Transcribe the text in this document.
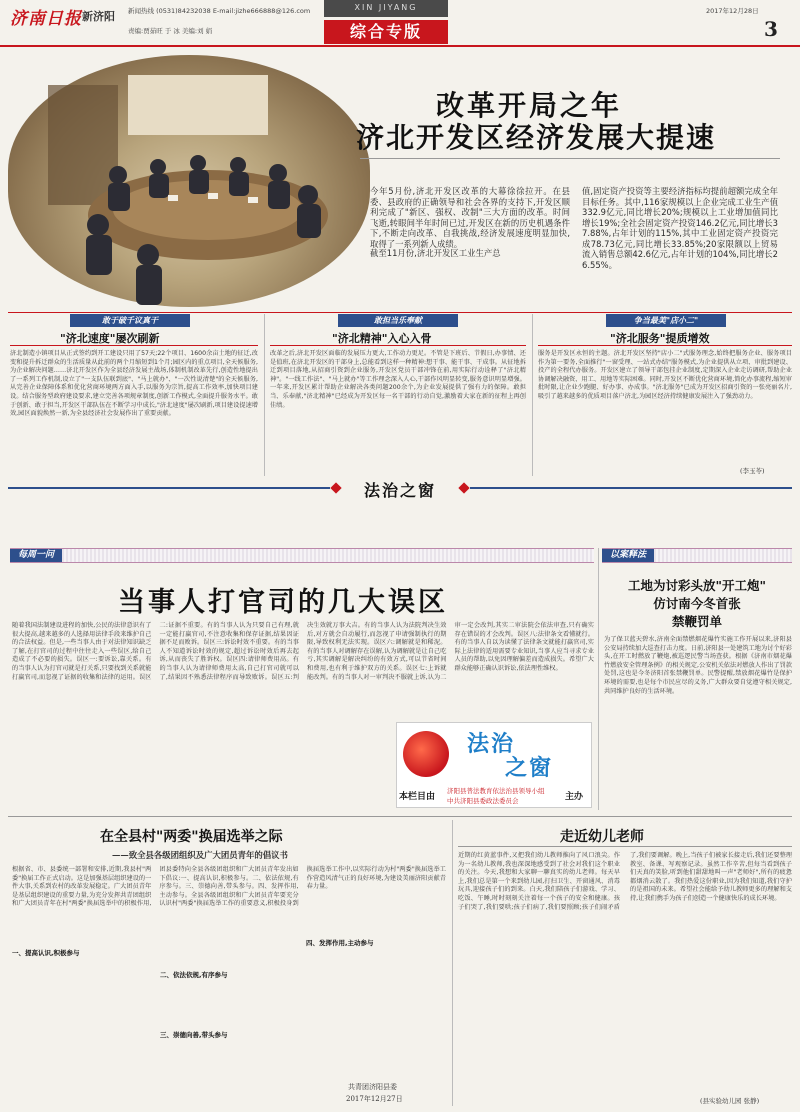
济南日报 新济阳 新闻热线 (0531)84232038 E-mail:jizhe666888@126.com
责编:贾茹旺 于 冰 美编:刘 娟
XIN JIYANG
综合专版
2017年12月28日
3
改革开局之年
济北开发区经济发展大提速
今年5月份,济北开发区改革的大幕徐徐拉开。在县委、县政府的正确领导和社会各界的支持下,开发区顺利完成了"新区、强权、改制"三大方面的改革。时间飞逝,转眼间半年时间已过,开发区在新的历史机遇条件下,不断走向改革、自我挑战,经济发展速度明显加快,取得了一系列新人成绩。
截至11月份,济北开发区工业生产总
值,固定资产投资等主要经济指标均提前超额完成全年目标任务。其中,116家规模以上企业完成工业生产值332.9亿元,同比增长20%;规模以上工业增加值同比增长19%;全社会固定资产投资146.2亿元,同比增长37.88%,占年计划的115%,其中工业固定资产投资完成78.73亿元,同比增长33.85%;20家限额以上贸易流入销售总额42.6亿元,占年计划的104%,同比增长26.55%。
敢于破千议真干
"济北速度"屡次刷新
济北制造小镇项目从正式签约到开工建设只用了57天;22个项目、1600余亩土地的征迁,改变和提升拆迁群众的生活质量从此前的两个月缩短到1个月;园区内的重点项目,全天候服务,为企业解决问题……济北开发区作为全县经济发展主战场,体制机制改革先行,创造性地提出了一系列工作机制,设立了"一支队伍联到底"、"马上就办"、"一次性说清楚"的全天候服务,从完善企业保障体系和优化营商环境两方面入手,以服务为宗旨,提高工作效率,加快项目建设。结合服务型政府建设要求,建立完善各项规章制度,创新工作模式,全面提升服务水平。敢于创新、敢于担当,开发区干部队伍在不断学习中成长,"济北速度"屡次刷新,项目建设提速增效,园区面貌焕然一新,为全县经济社会发展作出了重要贡献。
敢担当乐奉献
"济北精神"入心入骨
改革之后,济北开发区面临的发展压力更大,工作动力更足。不管是下班后、节假日,办事情、还是值班,在济北开发区的干部身上,总能看到这样一种精神:想干事、能干事、干成事。从征地拆迁到项目落地,从招商引资到企业服务,开发区党员干部冲锋在前,用实际行动诠释了"济北精神"。"一线工作法"、"马上就办"等工作理念深入人心,干部作风明显转变,服务意识明显增强。一年来,开发区累计帮助企业解决各类问题200余个,为企业发展提供了强有力的保障。敢担当、乐奉献,"济北精神"已经成为开发区每一名干部的行动自觉,激励着大家在新的征程上再创佳绩。
争当最美"店小二"
"济北服务"提质增效
服务是开发区永恒的主题。济北开发区坚持"店小二"式服务理念,始终把服务企业、服务项目作为第一要务,全面推行"一窗受理、一站式办结"服务模式,为企业提供从立项、审批到建设、投产的全程代办服务。开发区建立了领导干部包挂企业制度,定期深入企业走访调研,帮助企业协调解决融资、用工、用地等实际困难。同时,开发区不断优化营商环境,简化办事流程,缩短审批时限,让企业少跑腿、好办事、办成事。"济北服务"已成为开发区招商引资的一张亮丽名片,吸引了越来越多的优质项目落户济北,为园区经济持续健康发展注入了强劲动力。
(李玉苓)
法治之窗
每周一问
当事人打官司的几大误区
随着我国法制建设进程的加快,公民的法律意识有了很大提高,越来越多的人选择用法律手段来维护自己的合法权益。但是,一些当事人由于对法律知识缺乏了解,在打官司的过程中往往走入一些误区,给自己造成了不必要的损失。误区一:要诉讼,靠关系。有的当事人认为打官司就是打关系,只要找到关系就能打赢官司,而忽视了证据的收集和法律的运用。误区二:证据不重要。有的当事人认为只要自己有理,就一定能打赢官司,不注意收集和保存证据,结果因证据不足而败诉。误区三:诉讼时效不重要。有的当事人不知道诉讼时效的规定,超过诉讼时效后再去起诉,从而丧失了胜诉权。误区四:请律师费用高。有的当事人认为请律师费用太高,自己打官司就可以了,结果因不熟悉法律程序而导致败诉。误区五:判决生效就万事大吉。有的当事人认为法院判决生效后,对方就会自动履行,而忽视了申请强制执行的期限,导致权利无法实现。误区六:调解就是和稀泥。有的当事人对调解存在误解,认为调解就是让自己吃亏,其实调解是解决纠纷的有效方式,可以节省时间和费用,也有利于维护双方的关系。误区七:上诉就能改判。有的当事人对一审判决不服就上诉,认为二审一定会改判,其实二审法院会依法审查,只有确实存在错误的才会改判。误区八:法律条文看懂就行。有的当事人自以为读懂了法律条文就能打赢官司,实际上法律的适用需要专业知识,当事人应当寻求专业人员的帮助,以免因理解偏差而造成损失。希望广大群众能够正确认识诉讼,依法理性维权。
法治
之窗
本栏目由
济阳县普法教育依法治县领导小组
中共济阳县委政法委员会	主办
以案释法
工地为讨彩头放"开工炮"
仿讨南今冬首张
禁鞭罚单
为了保卫蓝天碧水,济南全面禁燃烟花爆竹实施工作开展以来,济阳县公安局持续加大巡查打击力度。日前,济阳县一处建筑工地为讨个好彩头,在开工时燃放了鞭炮,被巡逻民警当场查获。根据《济南市烟花爆竹燃放安全管理条例》的相关规定,公安机关依法对燃放人作出了罚款处罚,这也是今冬济阳首张禁鞭罚单。民警提醒,禁放烟花爆竹是保护环境的需要,也是每个市民应尽的义务,广大群众要自觉遵守相关规定,共同维护良好的生活环境。
在全县村"两委"换届选举之际
——致全县各级团组织及广大团员青年的倡议书
根据省、市、县委统一部署和安排,近期,我县村"两委"换届工作正式启动。这是加强基层组织建设的一件大事,关系到农村的改革发展稳定。广大团员青年是基层组织建设的重要力量,为充分发挥共青团组织和广大团员青年在村"两委"换届选举中的积极作用,团县委特向全县各级团组织和广大团员青年发出如下倡议:一、提高认识,积极参与。二、依法依规,有序参与。三、崇德向善,带头参与。四、发挥作用,主动参与。全县各级团组织和广大团员青年要充分认识村"两委"换届选举工作的重要意义,积极投身到换届选举工作中,以实际行动为村"两委"换届选举工作营造风清气正的良好环境,为建设美丽济阳贡献青春力量。
一、提高认识,积极参与
二、依法依规,有序参与
三、崇德向善,带头参与
四、发挥作用,主动参与
共青团济阳县委
2017年12月27日
走近幼儿老师
近期的红黄蓝事件,又把我们幼儿教师推向了风口浪尖。作为一名幼儿教师,我也深深地感受到了社会对我们这个职业的关注。今天,我想和大家聊一聊真实的幼儿老师。每天早上,我们总是第一个来到幼儿园,打扫卫生、开窗通风、消毒玩具,迎接孩子们的到来。白天,我们陪孩子们游戏、学习、吃饭、午睡,时时刻刻关注着每一个孩子的安全和健康。孩子们哭了,我们要哄;孩子们病了,我们要照顾;孩子们闹矛盾了,我们要调解。晚上,当孩子们被家长接走后,我们还要整理教室、备课、写观察记录。虽然工作辛苦,但每当看到孩子们天真的笑脸,听到他们甜甜地叫一声"老师好",所有的疲惫都烟消云散了。我们热爱这份职业,因为我们知道,我们守护的是祖国的未来。希望社会能给予幼儿教师更多的理解和支持,让我们携手为孩子们创造一个健康快乐的成长环境。
(县实验幼儿园 张静)
